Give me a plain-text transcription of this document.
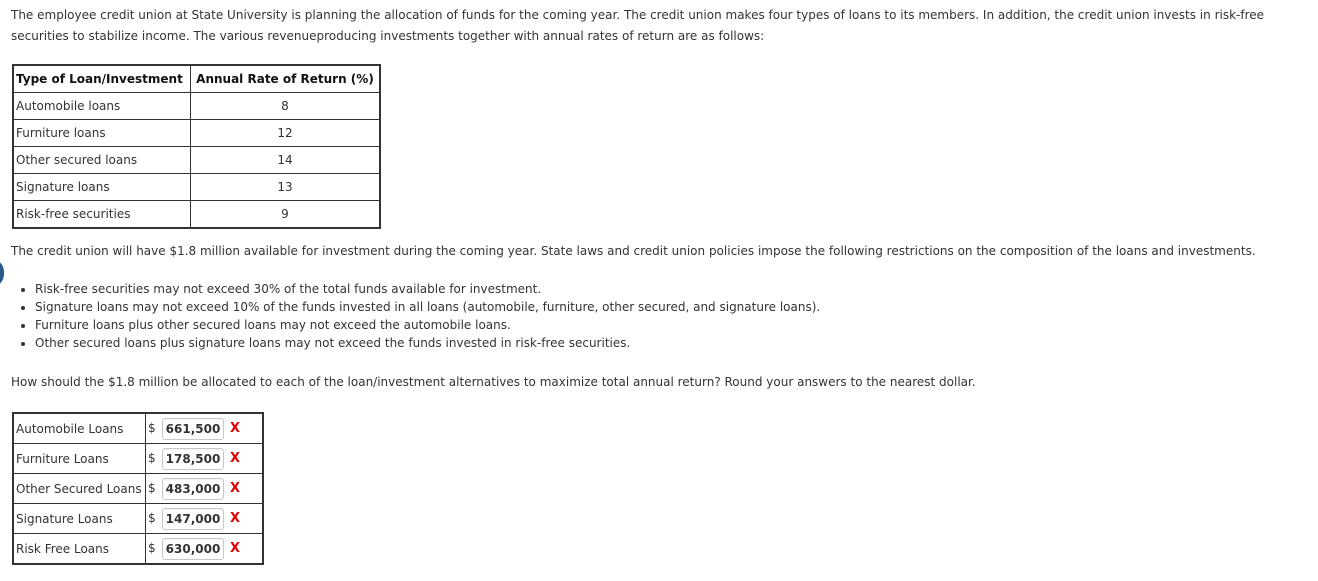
The employee credit union at State University is planning the allocation of funds for the coming year. The credit union makes four types of loans to its members. In addition, the credit union invests in risk-free securities to stabilize income. The various revenueproducing investments together with annual rates of return are as follows:

Type of Loan/Investment	Annual Rate of Return (%)
Automobile loans	8
Furniture loans	12
Other secured loans	14
Signature loans	13
Risk-free securities	9

The credit union will have $1.8 million available for investment during the coming year. State laws and credit union policies impose the following restrictions on the composition of the loans and investments.

• Risk-free securities may not exceed 30% of the total funds available for investment.
• Signature loans may not exceed 10% of the funds invested in all loans (automobile, furniture, other secured, and signature loans).
• Furniture loans plus other secured loans may not exceed the automobile loans.
• Other secured loans plus signature loans may not exceed the funds invested in risk-free securities.

How should the $1.8 million be allocated to each of the loan/investment alternatives to maximize total annual return? Round your answers to the nearest dollar.

Automobile Loans	$ 661,500 X
Furniture Loans	$ 178,500 X
Other Secured Loans	$ 483,000 X
Signature Loans	$ 147,000 X
Risk Free Loans	$ 630,000 X
